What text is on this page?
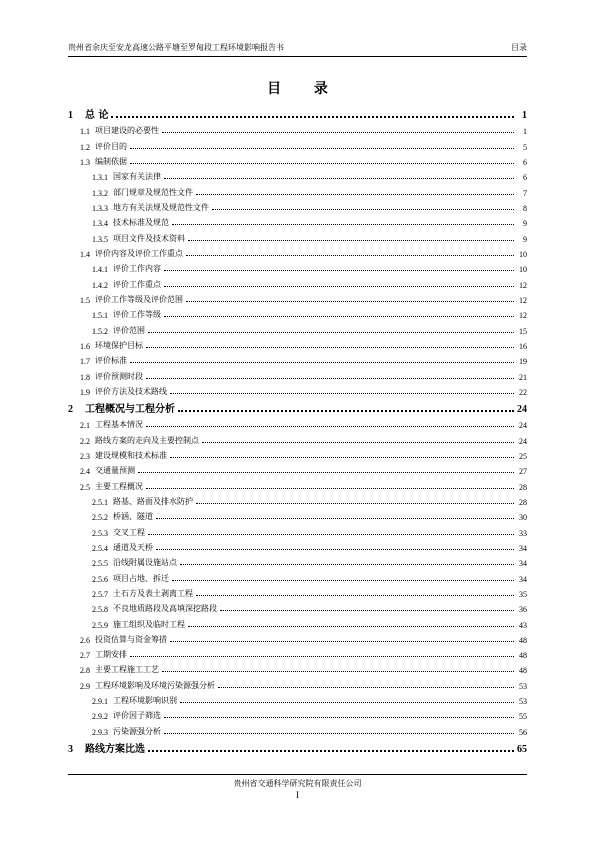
贵州省余庆至安龙高速公路平塘至罗甸段工程环境影响报告书	目录
目 录
1 总 论	1
1.1 项目建设的必要性	1
1.2 评价目的	5
1.3 编制依据	6
1.3.1 国家有关法律	6
1.3.2 部门规章及规范性文件	7
1.3.3 地方有关法规及规范性文件	8
1.3.4 技术标准及规范	9
1.3.5 项目文件及技术资料	9
1.4 评价内容及评价工作重点	10
1.4.1 评价工作内容	10
1.4.2 评价工作重点	12
1.5 评价工作等级及评价范围	12
1.5.1 评价工作等级	12
1.5.2 评价范围	15
1.6 环境保护目标	16
1.7 评价标准	19
1.8 评价预测时段	21
1.9 评价方法及技术路线	22
2 工程概况与工程分析	24
2.1 工程基本情况	24
2.2 路线方案的走向及主要控制点	24
2.3 建设规模和技术标准	25
2.4 交通量预测	27
2.5 主要工程概况	28
2.5.1 路基、路面及排水防护	28
2.5.2 桥涵、隧道	30
2.5.3 交叉工程	33
2.5.4 通道及天桥	34
2.5.5 沿线附属设施站点	34
2.5.6 项目占地、拆迁	34
2.5.7 土石方及表土剥离工程	35
2.5.8 不良地质路段及高填深挖路段	36
2.5.9 施工组织及临时工程	43
2.6 投资估算与资金筹措	48
2.7 工期安排	48
2.8 主要工程施工工艺	48
2.9 工程环境影响及环境污染源强分析	53
2.9.1 工程环境影响识别	53
2.9.2 评价因子筛选	55
2.9.3 污染源强分析	56
3 路线方案比选	65
贵州省交通科学研究院有限责任公司
I
